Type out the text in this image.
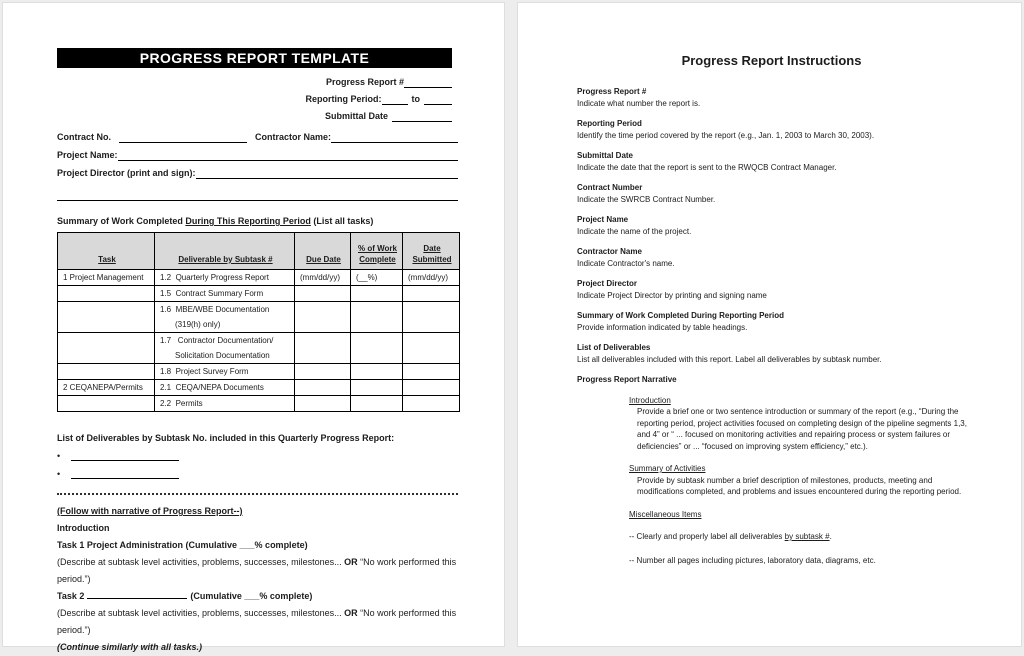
PROGRESS REPORT TEMPLATE
Progress Report #
Reporting Period:	to
Submittal Date
Contract No.	Contractor Name:
Project Name:
Project Director (print and sign):
Summary of Work Completed During This Reporting Period (List all tasks)
Task	Deliverable by Subtask #	Due Date	% of Work Complete	Date Submitted
1 Project Management	1.2  Quarterly Progress Report	(mm/dd/yy)	(__%)	(mm/dd/yy)
	1.5  Contract Summary Form			
	1.6  MBE/WBE Documentation
(319(h) only)			

	1.7   Contractor Documentation/
Solicitation Documentation			

	1.8  Project Survey Form			
2 CEQANEPA/Permits	2.1  CEQA/NEPA Documents			
	2.2  Permits			
List of Deliverables by Subtask No. included in this Quarterly Progress Report:
•
•
(Follow with narrative of Progress Report--)
Introduction
Task 1 Project Administration (Cumulative ___% complete)
(Describe at subtask level activities, problems, successes, milestones... OR “No work performed this period.”)
Task 2	(Cumulative ___% complete)
(Describe at subtask level activities, problems, successes, milestones... OR “No work performed this period.”)
(Continue similarly with all tasks.)
Progress Report Instructions
Progress Report #
Indicate what number the report is.
Reporting Period
Identify the time period covered by the report (e.g., Jan. 1, 2003 to March 30, 2003).
Submittal Date
Indicate the date that the report is sent to the RWQCB Contract Manager.
Contract Number
Indicate the SWRCB Contract Number.
Project Name
Indicate the name of the project.
Contractor Name
Indicate Contractor's name.
Project Director
Indicate Project Director by printing and signing name
Summary of Work Completed During Reporting Period
Provide information indicated by table headings.
List of Deliverables
List all deliverables included with this report. Label all deliverables by subtask number.
Progress Report Narrative
Introduction
Provide a brief one or two sentence introduction or summary of the report (e.g., “During the reporting period, project activities focused on completing design of the pipeline segments 1,3, and 4” or “ ... focused on monitoring activities and repairing process or system failures or deficiencies” or ... “focused on improving system efficiency,” etc.).
Summary of Activities
Provide by subtask number a brief description of milestones, products, meeting and modifications completed, and problems and issues encountered during the reporting period.
Miscellaneous Items
-- Clearly and properly label all deliverables by subtask #.
-- Number all pages including pictures, laboratory data, diagrams, etc.
